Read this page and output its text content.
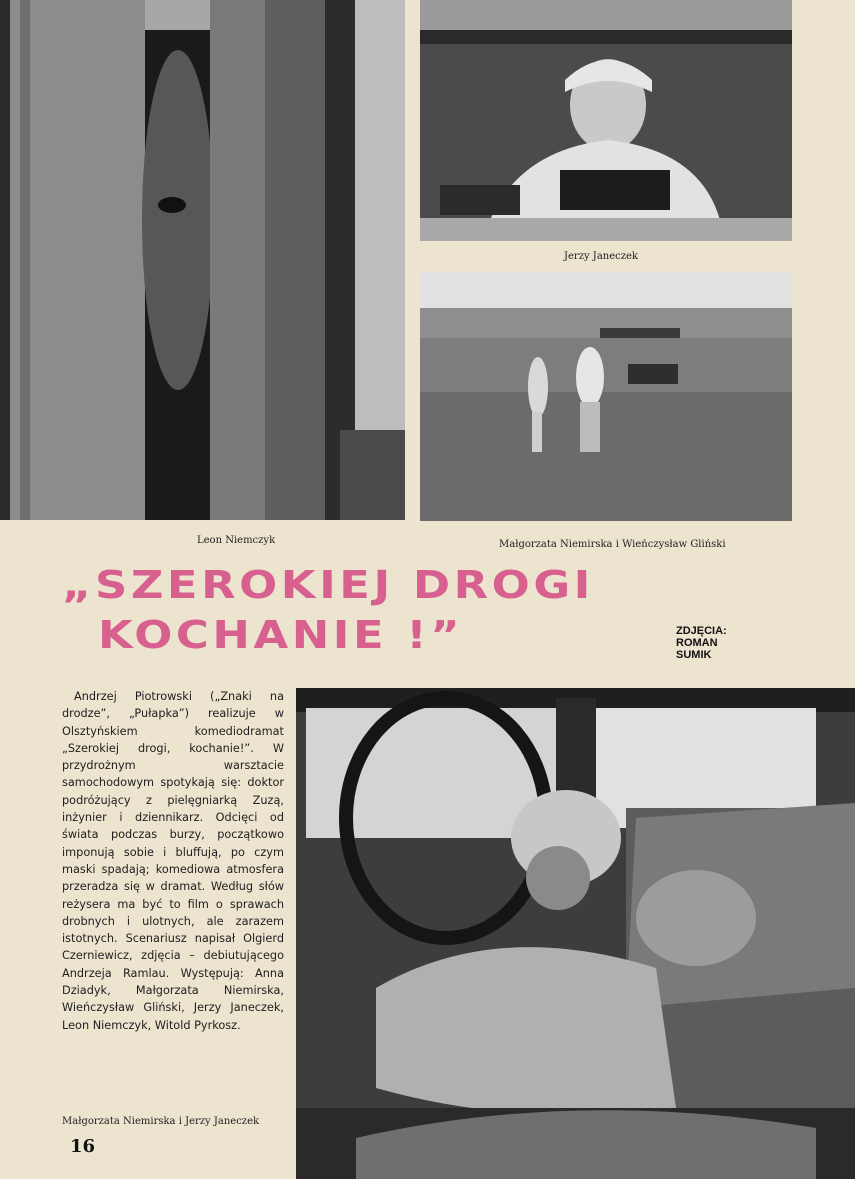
Jerzy Janeczek
Leon Niemczyk	Małgorzata Niemirska i Wieńczysław Gliński
„SZEROKIEJ DROGI
KOCHANIE !”	ZDJĘCIA:
ROMAN
SUMIK
Andrzej Piotrowski („Znaki na drodze”, „Pułapka”) realizuje w Olsztyńskiem komediodramat „Szerokiej drogi, kochanie!”. W przydrożnym warsztacie samochodowym spotykają się: doktor podróżujący z pielęgniarką Zuzą, inżynier i dziennikarz. Odcięci od świata podczas burzy, początkowo imponują sobie i bluffują, po czym maski spadają; komediowa atmosfera przeradza się w dramat. Według słów reżysera ma być to film o sprawach drobnych i ulotnych, ale zarazem istotnych. Scenariusz napisał Olgierd Czerniewicz, zdjęcia – debiutującego Andrzeja Ramlau. Występują: Anna Dziadyk, Małgorzata Niemirska, Wieńczysław Gliński, Jerzy Janeczek, Leon Niemczyk, Witold Pyrkosz.
Małgorzata Niemirska i Jerzy Janeczek
16
